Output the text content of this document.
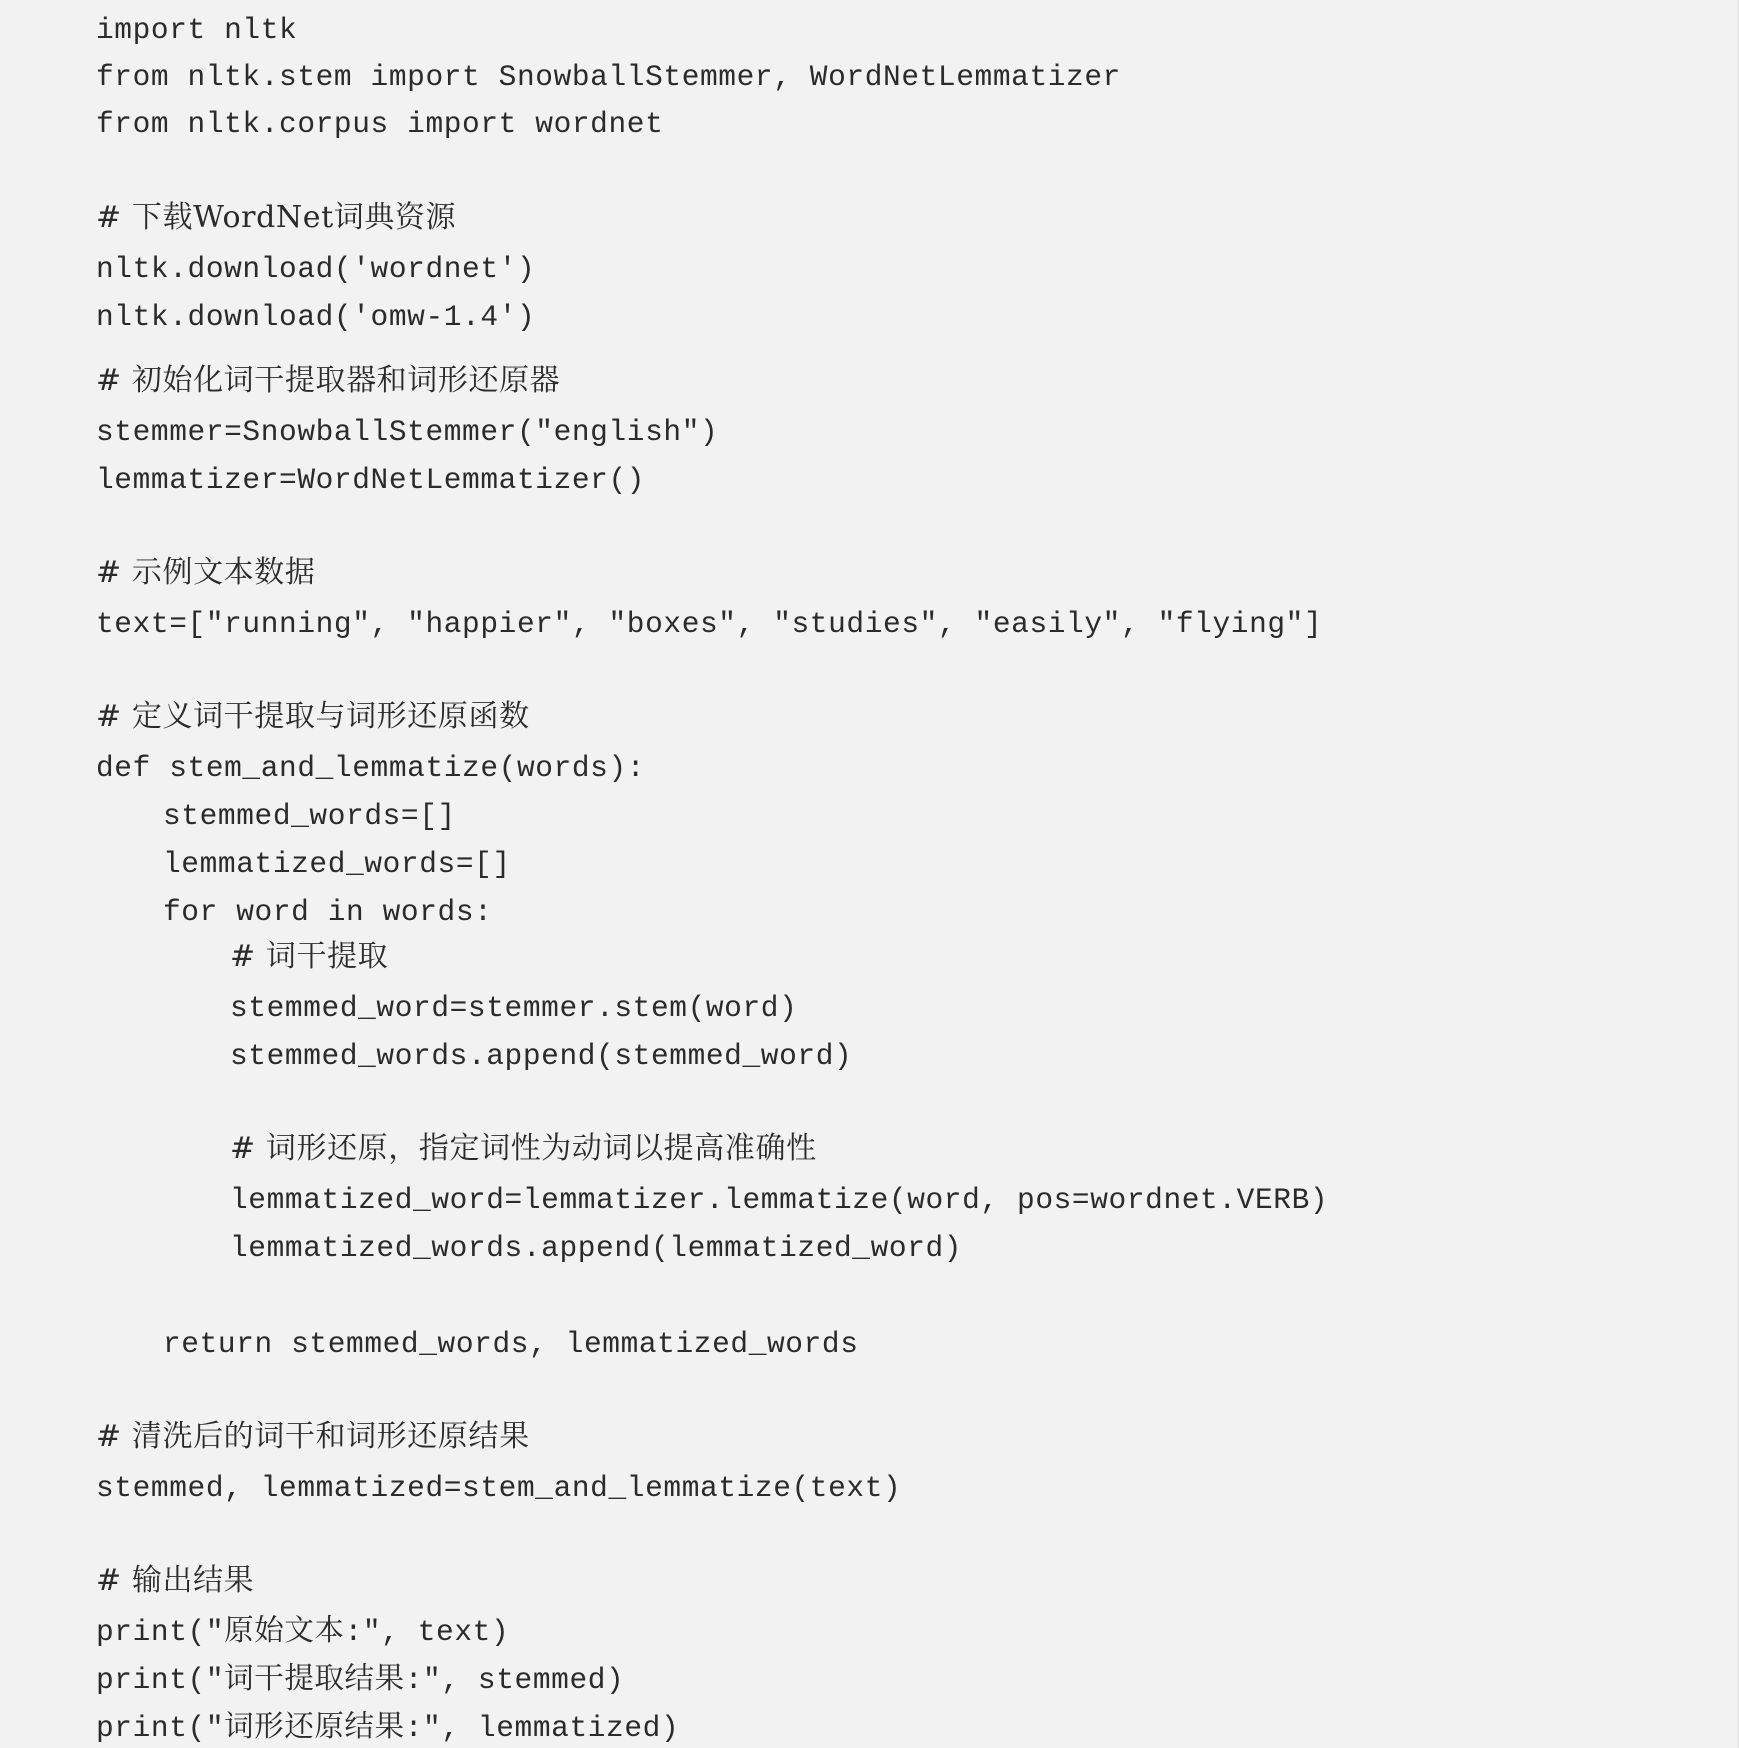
import nltk
from nltk.stem import SnowballStemmer, WordNetLemmatizer
from nltk.corpus import wordnet
# 下载WordNet词典资源
nltk.download('wordnet')
nltk.download('omw-1.4')
# 初始化词干提取器和词形还原器
stemmer=SnowballStemmer("english")
lemmatizer=WordNetLemmatizer()
# 示例文本数据
text=["running", "happier", "boxes", "studies", "easily", "flying"]
# 定义词干提取与词形还原函数
def stem_and_lemmatize(words):
stemmed_words=[]
lemmatized_words=[]
for word in words:
# 词干提取
stemmed_word=stemmer.stem(word)
stemmed_words.append(stemmed_word)
# 词形还原，指定词性为动词以提高准确性
lemmatized_word=lemmatizer.lemmatize(word, pos=wordnet.VERB)
lemmatized_words.append(lemmatized_word)
return stemmed_words, lemmatized_words
# 清洗后的词干和词形还原结果
stemmed, lemmatized=stem_and_lemmatize(text)
# 输出结果
print("原始文本:", text)
print("词干提取结果:", stemmed)
print("词形还原结果:", lemmatized)
